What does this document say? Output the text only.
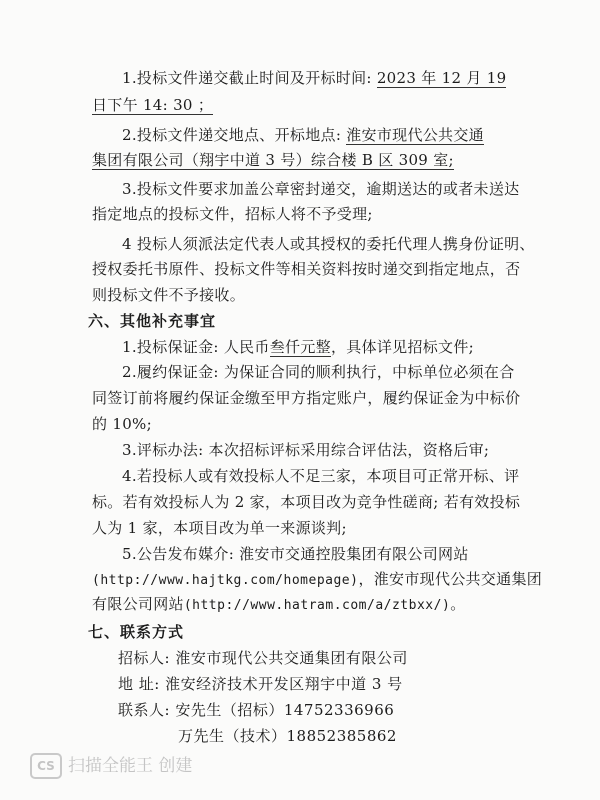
1.投标文件递交截止时间及开标时间: 2023 年 12 月 19
日下午 14: 30 ；
2.投标文件递交地点、开标地点: 淮安市现代公共交通
集团有限公司（翔宇中道 3 号）综合楼 B 区 309 室;
3.投标文件要求加盖公章密封递交，逾期送达的或者未送达
指定地点的投标文件，招标人将不予受理;
4 投标人须派法定代表人或其授权的委托代理人携身份证明、
授权委托书原件、投标文件等相关资料按时递交到指定地点，否
则投标文件不予接收。
六、其他补充事宜
1.投标保证金: 人民币叁仟元整，具体详见招标文件;
2.履约保证金: 为保证合同的顺利执行，中标单位必须在合
同签订前将履约保证金缴至甲方指定账户，履约保证金为中标价
的 10%;
3.评标办法: 本次招标评标采用综合评估法，资格后审;
4.若投标人或有效投标人不足三家，本项目可正常开标、评
标。若有效投标人为 2 家，本项目改为竞争性磋商; 若有效投标
人为 1 家，本项目改为单一来源谈判;
5.公告发布媒介: 淮安市交通控股集团有限公司网站
(http://www.hajtkg.com/homepage)，淮安市现代公共交通集团
有限公司网站(http://www.hatram.com/a/ztbxx/)。
七、联系方式
招标人: 淮安市现代公共交通集团有限公司
地 址: 淮安经济技术开发区翔宇中道 3 号
联系人: 安先生（招标）14752336966
万先生（技术）18852385862
CS 扫描全能王 创建
